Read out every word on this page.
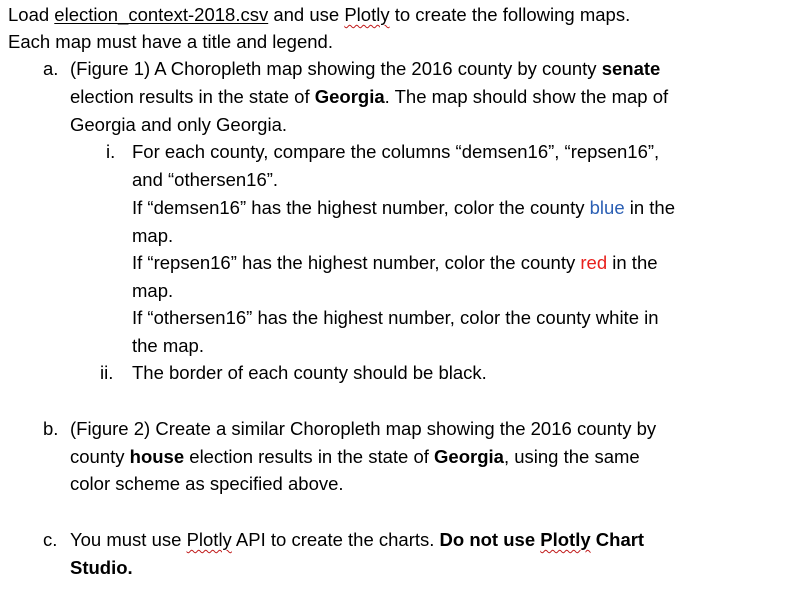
Load election_context-2018.csv and use Plotly to create the following maps.
Each map must have a title and legend.
a. (Figure 1) A Choropleth map showing the 2016 county by county senate
election results in the state of Georgia. The map should show the map of
Georgia and only Georgia.
i. For each county, compare the columns “demsen16”, “repsen16”,
and “othersen16”.
If “demsen16” has the highest number, color the county blue in the
map.
If “repsen16” has the highest number, color the county red in the
map.
If “othersen16” has the highest number, color the county white in
the map.
ii. The border of each county should be black.
b. (Figure 2) Create a similar Choropleth map showing the 2016 county by
county house election results in the state of Georgia, using the same
color scheme as specified above.
c. You must use Plotly API to create the charts. Do not use Plotly Chart
Studio.
